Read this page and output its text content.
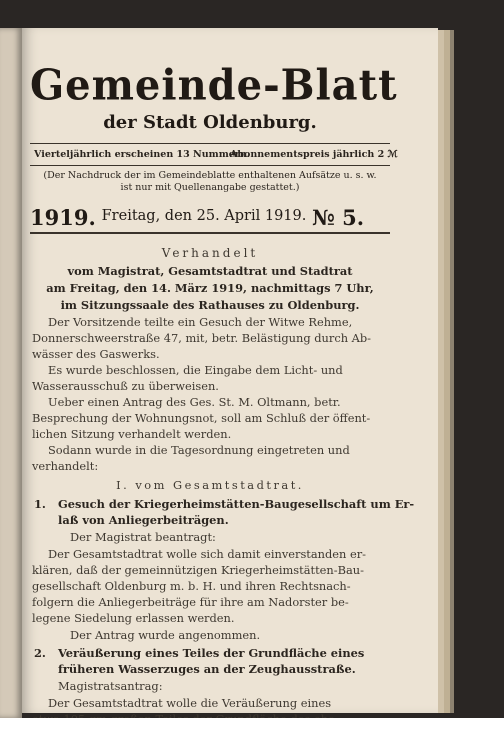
Gemeinde-Blatt
der Stadt Oldenburg.
Vierteljährlich erscheinen 13 Nummern.
Abonnementspreis jährlich 2 ℳ
(Der Nachdruck der im Gemeindeblatte enthaltenen Aufsätze u. s. w.
ist nur mit Quellenangabe gestattet.)
1919. Freitag, den 25. April 1919. № 5.
Verhandelt
vom Magistrat, Gesamtstadtrat und Stadtrat
am Freitag, den 14. März 1919, nachmittags 7 Uhr,
im Sitzungssaale des Rathauses zu Oldenburg.
Der Vorsitzende teilte ein Gesuch der Witwe Rehme,
Donnerschweerstraße 47, mit, betr. Belästigung durch Ab-
wässer des Gaswerks.
Es wurde beschlossen, die Eingabe dem Licht- und
Wasserausschuß zu überweisen.
Ueber einen Antrag des Ges. St. M. Oltmann, betr.
Besprechung der Wohnungsnot, soll am Schluß der öffent-
lichen Sitzung verhandelt werden.
Sodann wurde in die Tagesordnung eingetreten und
verhandelt:
I. vom Gesamtstadtrat.
1. Gesuch der Kriegerheimstätten-Baugesellschaft um Er-
laß von Anliegerbeiträgen.
Der Magistrat beantragt:
Der Gesamtstadtrat wolle sich damit einverstanden er-
klären, daß der gemeinnützigen Kriegerheimstätten-Bau-
gesellschaft Oldenburg m. b. H. und ihren Rechtsnach-
folgern die Anliegerbeiträge für ihre am Nadorster be-
legene Siedelung erlassen werden.
Der Antrag wurde angenommen.
2. Veräußerung eines Teiles der Grundfläche eines
früheren Wasserzuges an der Zeughausstraße.
Magistratsantrag:
Der Gesamtstadtrat wolle die Veräußerung eines
